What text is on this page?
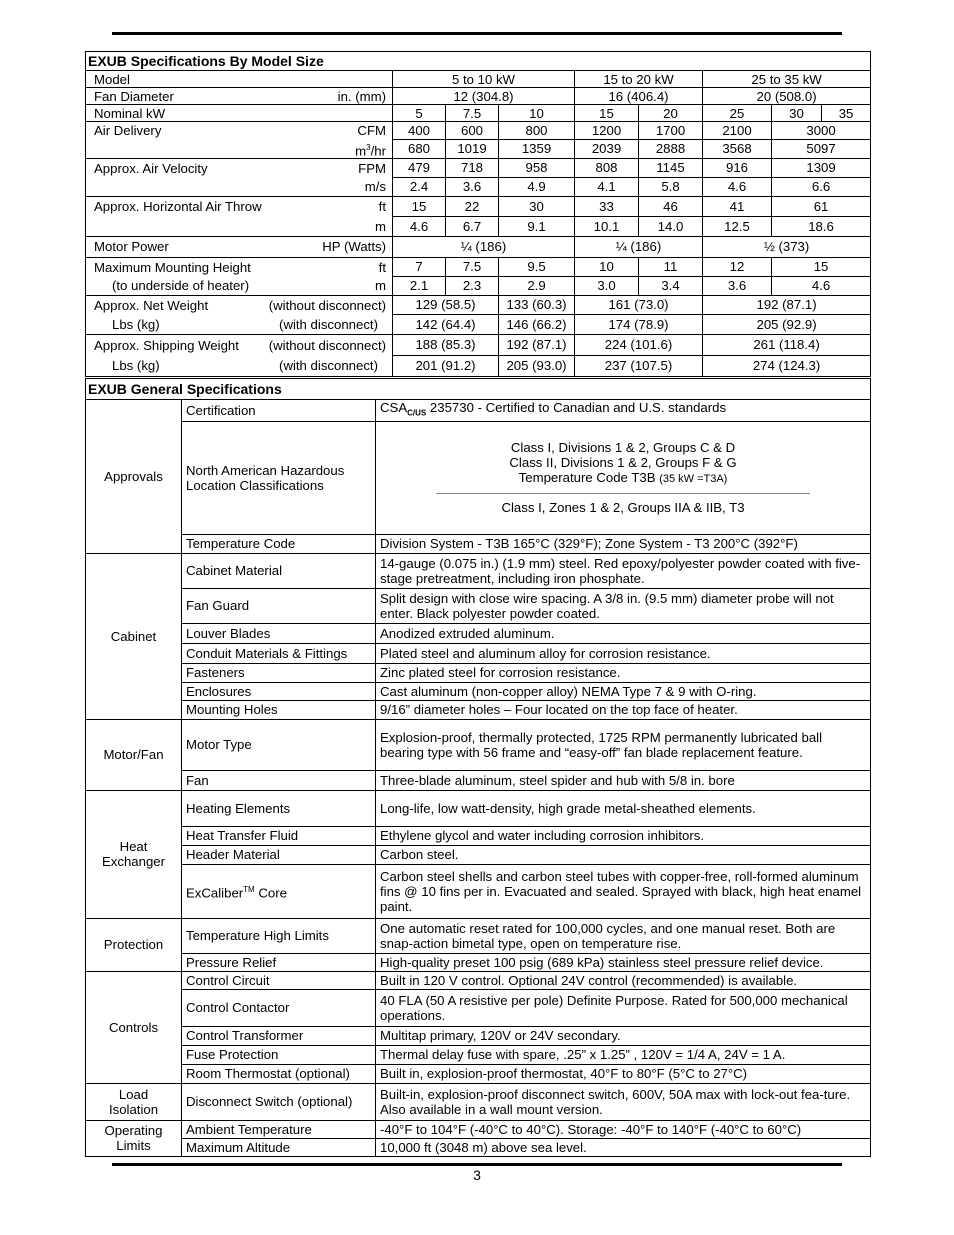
EXUB Specifications By Model Size								
Model	5 to 10 kW			15 to 20 kW		25 to 35 kW		

Fan Diameter in. (mm)	12 (304.8)			16 (406.4)		20 (508.0)		
Nominal kW	5	7.5	10	15	20	25	30	35

Air Delivery CFM	400	600	800	1200	1700	2100	3000	

$m^3/hr$	680	1019	1359	2039	2888	3568	5097	

Approx. Air Velocity FPM	479	718	958	808	1145	916	1309	

m/s	2.4	3.6	4.9	4.1	5.8	4.6	6.6	

Approx. Horizontal Air Throw ft	15	22	30	33	46	41	61	

m	4.6	6.7	9.1	10.1	14.0	12.5	18.6	

Motor Power HP (Watts)	¼ (186)			¼ (186)		½ (373)		

Maximum Mounting Height ft	7	7.5	9.5	10	11	12	15	

(to underside of heater) m	2.1	2.3	2.9	3.0	3.4	3.6	4.6	

Approx. Net Weight (without disconnect)	129 (58.5)		133 (60.3)	161 (73.0)		192 (87.1)		

Lbs (kg) (with disconnect)	142 (64.4)		146 (66.2)	174 (78.9)		205 (92.9)		

Approx. Shipping Weight (without disconnect)	188 (85.3)		192 (87.1)	224 (101.6)		261 (118.4)		

Lbs (kg) (with disconnect)	201 (91.2)		205 (93.0)	237 (107.5)		274 (124.3)		
EXUB General Specifications		
Approvals	Certification	$CSA_{C/US}$ 235730 - Certified to Canadian and U.S. standards
	North American Hazardous Location Classifications	Class I, Divisions 1 & 2, Groups C & D
Class II, Divisions 1 & 2, Groups F & G
Temperature Code T3B (35 kW =T3A)
Class I, Zones 1 & 2, Groups IIA & IIB, T3

	Temperature Code	Division System - T3B 165°C (329°F); Zone System - T3 200°C (392°F)
Cabinet	Cabinet Material	14-gauge (0.075 in.) (1.9 mm) steel. Red epoxy/polyester powder coated with five-stage pretreatment, including iron phosphate.
	Fan Guard	Split design with close wire spacing. A 3/8 in. (9.5 mm) diameter probe will not enter. Black polyester powder coated.
	Louver Blades	Anodized extruded aluminum.
	Conduit Materials & Fittings	Plated steel and aluminum alloy for corrosion resistance.
	Fasteners	Zinc plated steel for corrosion resistance.
	Enclosures	Cast aluminum (non-copper alloy) NEMA Type 7 & 9 with O-ring.
	Mounting Holes	9/16” diameter holes – Four located on the top face of heater.
Motor/Fan	Motor Type	Explosion-proof, thermally protected, 1725 RPM permanently lubricated ball bearing type with 56 frame and “easy-off” fan blade replacement feature.
	Fan	Three-blade aluminum, steel spider and hub with 5/8 in. bore

Heat
Exchanger	Heating Elements	Long-life, low watt-density, high grade metal-sheathed elements.
	Heat Transfer Fluid	Ethylene glycol and water including corrosion inhibitors.
	Header Material	Carbon steel.
	ExCaliber™ Core	Carbon steel shells and carbon steel tubes with copper-free, roll-formed aluminum fins @ 10 fins per in. Evacuated and sealed. Sprayed with black, high heat enamel paint.
Protection	Temperature High Limits	One automatic reset rated for 100,000 cycles, and one manual reset. Both are snap-action bimetal type, open on temperature rise.
	Pressure Relief	High-quality preset 100 psig (689 kPa) stainless steel pressure relief device.
Controls	Control Circuit	Built in 120 V control. Optional 24V control (recommended) is available.
	Control Contactor	40 FLA (50 A resistive per pole) Definite Purpose. Rated for 500,000 mechanical operations.
	Control Transformer	Multitap primary, 120V or 24V secondary.
	Fuse Protection	Thermal delay fuse with spare, .25” x 1.25” , 120V = 1/4 A, 24V = 1 A.
	Room Thermostat (optional)	Built in, explosion-proof thermostat, 40°F to 80°F (5°C to 27°C)

Load
Isolation	Disconnect Switch (optional)	Built-in, explosion-proof disconnect switch, 600V, 50A max with lock-out fea-ture. Also available in a wall mount version.

Operating
Limits	Ambient Temperature	-40°F to 104°F (-40°C to 40°C). Storage: -40°F to 140°F (-40°C to 60°C)
	Maximum Altitude	10,000 ft (3048 m) above sea level.
3
